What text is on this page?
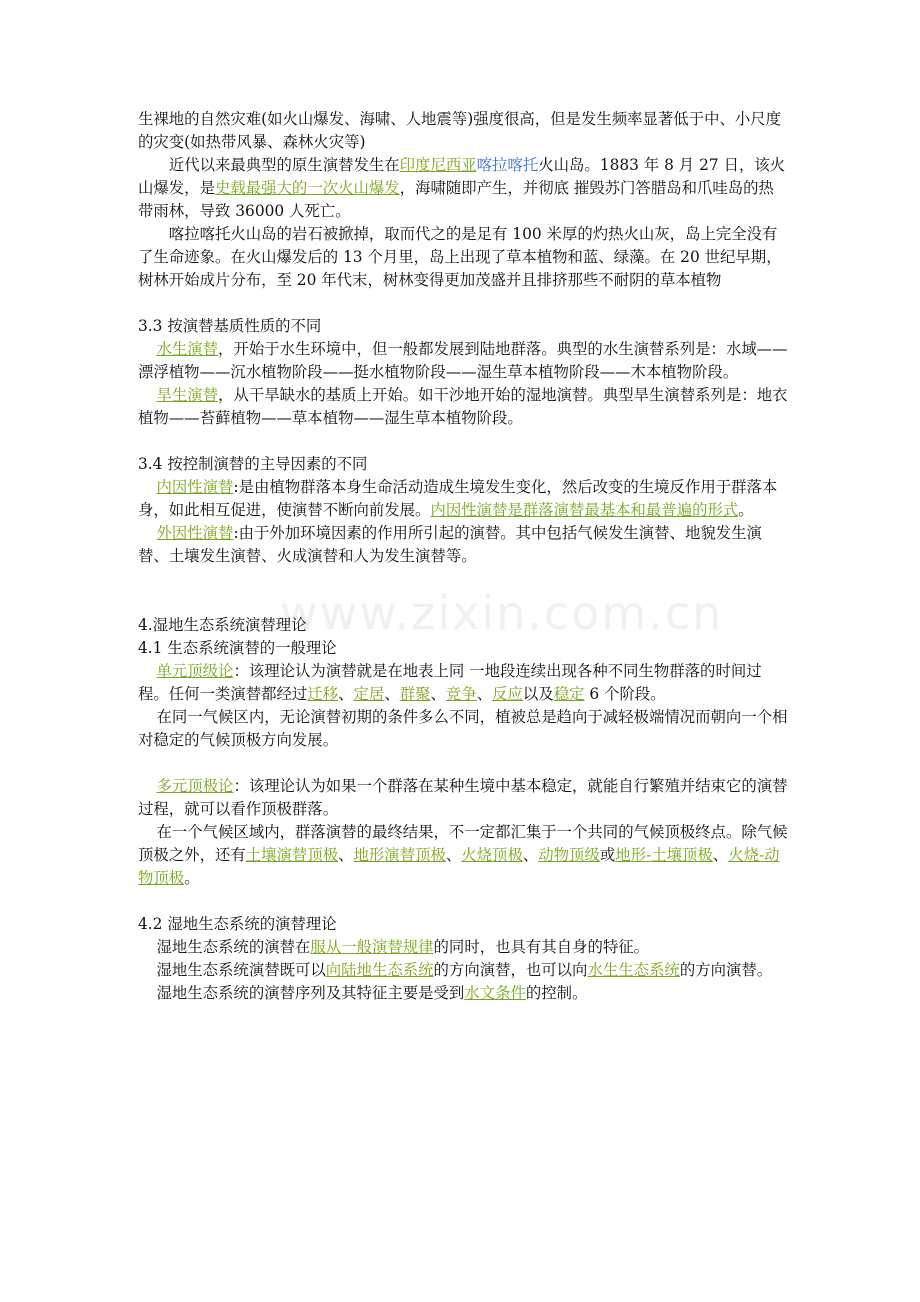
www.zixin.com.cn

生裸地的自然灾难(如火山爆发、海啸、人地震等)强度很高，但是发生频率显著低于中、小尺度的灾变(如热带风暴、森林火灾等)

近代以来最典型的原生演替发生在印度尼西亚喀拉喀托火山岛。1883 年 8 月 27 日，该火山爆发，是史载最强大的一次火山爆发，海啸随即产生，并彻底 摧毁苏门答腊岛和爪哇岛的热带雨林，导致 36000 人死亡。

喀拉喀托火山岛的岩石被掀掉，取而代之的是足有 100 米厚的灼热火山灰，岛上完全没有了生命迹象。在火山爆发后的 13 个月里，岛上出现了草本植物和蓝、绿藻。在 20 世纪早期，树林开始成片分布，至 20 年代末，树林变得更加茂盛并且排挤那些不耐阴的草本植物

3.3 按演替基质性质的不同

水生演替，开始于水生环境中，但一般都发展到陆地群落。典型的水生演替系列是：水域——漂浮植物——沉水植物阶段——挺水植物阶段——湿生草本植物阶段——木本植物阶段。

旱生演替，从干旱缺水的基质上开始。如干沙地开始的湿地演替。典型旱生演替系列是：地衣植物——苔藓植物——草本植物——湿生草本植物阶段。

3.4 按控制演替的主导因素的不同

内因性演替:是由植物群落本身生命活动造成生境发生变化，然后改变的生境反作用于群落本身，如此相互促进，使演替不断向前发展。内因性演替是群落演替最基本和最普遍的形式。

外因性演替:由于外加环境因素的作用所引起的演替。其中包括气候发生演替、地貌发生演替、土壤发生演替、火成演替和人为发生演替等。

4.湿地生态系统演替理论

4.1 生态系统演替的一般理论

单元顶级论：该理论认为演替就是在地表上同 一地段连续出现各种不同生物群落的时间过程。任何一类演替都经过迁移、定居、群聚、竞争、反应以及稳定 6 个阶段。

在同一气候区内，无论演替初期的条件多么不同，植被总是趋向于减轻极端情况而朝向一个相对稳定的气候顶极方向发展。

多元顶极论：该理论认为如果一个群落在某种生境中基本稳定，就能自行繁殖并结束它的演替过程，就可以看作顶极群落。

在一个气候区域内，群落演替的最终结果，不一定都汇集于一个共同的气候顶极终点。除气候顶极之外，还有土壤演替顶极、地形演替顶极、火烧顶极、动物顶级或地形-土壤顶极、火烧-动物顶极。

4.2 湿地生态系统的演替理论

湿地生态系统的演替在服从一般演替规律的同时，也具有其自身的特征。

湿地生态系统演替既可以向陆地生态系统的方向演替，也可以向水生生态系统的方向演替。

湿地生态系统的演替序列及其特征主要是受到水文条件的控制。
